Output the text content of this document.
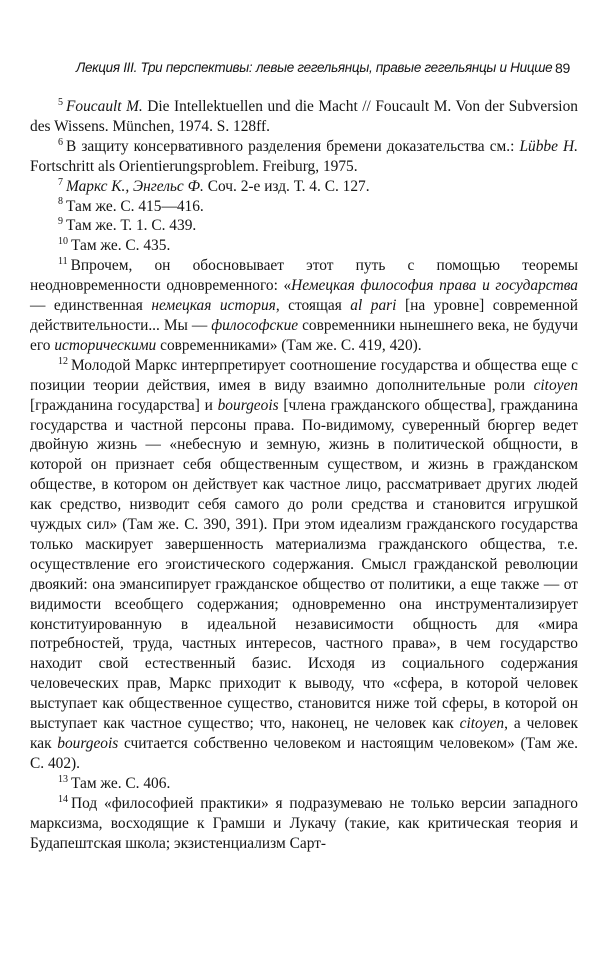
Лекция III. Три перспективы: левые гегельянцы, правые гегельянцы и Ницше 89

$^5$ Foucault M. Die Intellektuellen und die Macht // Foucault M. Von der Subversion des Wissens. München, 1974. S. 128ff.

$^6$ В защиту консервативного разделения бремени доказательства см.: Lübbe H. Fortschritt als Orientierungsproblem. Freiburg, 1975.

$^7$ Маркс К., Энгельс Ф. Соч. 2-е изд. Т. 4. С. 127.

$^8$ Там же. С. 415—416.

$^9$ Там же. Т. 1. С. 439.

$^{10}$ Там же. С. 435.

$^{11}$ Впрочем, он обосновывает этот путь с помощью теоремы неодновременности одновременного: «Немецкая философия права и государства — единственная немецкая история, стоящая al pari [на уровне] современной действительности... Мы — философские современники нынешнего века, не будучи его историческими современниками» (Там же. С. 419, 420).

$^{12}$ Молодой Маркс интерпретирует соотношение государства и общества еще с позиции теории действия, имея в виду взаимно дополнительные роли citoyen [гражданина государства] и bourgeois [члена гражданского общества], гражданина государства и частной персоны права. По-видимому, суверенный бюргер ведет двойную жизнь — «небесную и земную, жизнь в политической общности, в которой он признает себя общественным существом, и жизнь в гражданском обществе, в котором он действует как частное лицо, рассматривает других людей как средство, низводит себя самого до роли средства и становится игрушкой чуждых сил» (Там же. С. 390, 391). При этом идеализм гражданского государства только маскирует завершенность материализма гражданского общества, т.е. осуществление его эгоистического содержания. Смысл гражданской революции двоякий: она эмансипирует гражданское общество от политики, а еще также — от видимости всеобщего содержания; одновременно она инструментализирует конституированную в идеальной независимости общность для «мира потребностей, труда, частных интересов, частного права», в чем государство находит свой естественный базис. Исходя из социального содержания человеческих прав, Маркс приходит к выводу, что «сфера, в которой человек выступает как общественное существо, становится ниже той сферы, в которой он выступает как частное существо; что, наконец, не человек как citoyen, а человек как bourgeois считается собственно человеком и настоящим человеком» (Там же. С. 402).

$^{13}$ Там же. С. 406.

$^{14}$ Под «философией практики» я подразумеваю не только версии западного марксизма, восходящие к Грамши и Лукачу (такие, как критическая теория и Будапештская школа; экзистенциализм Сарт-
